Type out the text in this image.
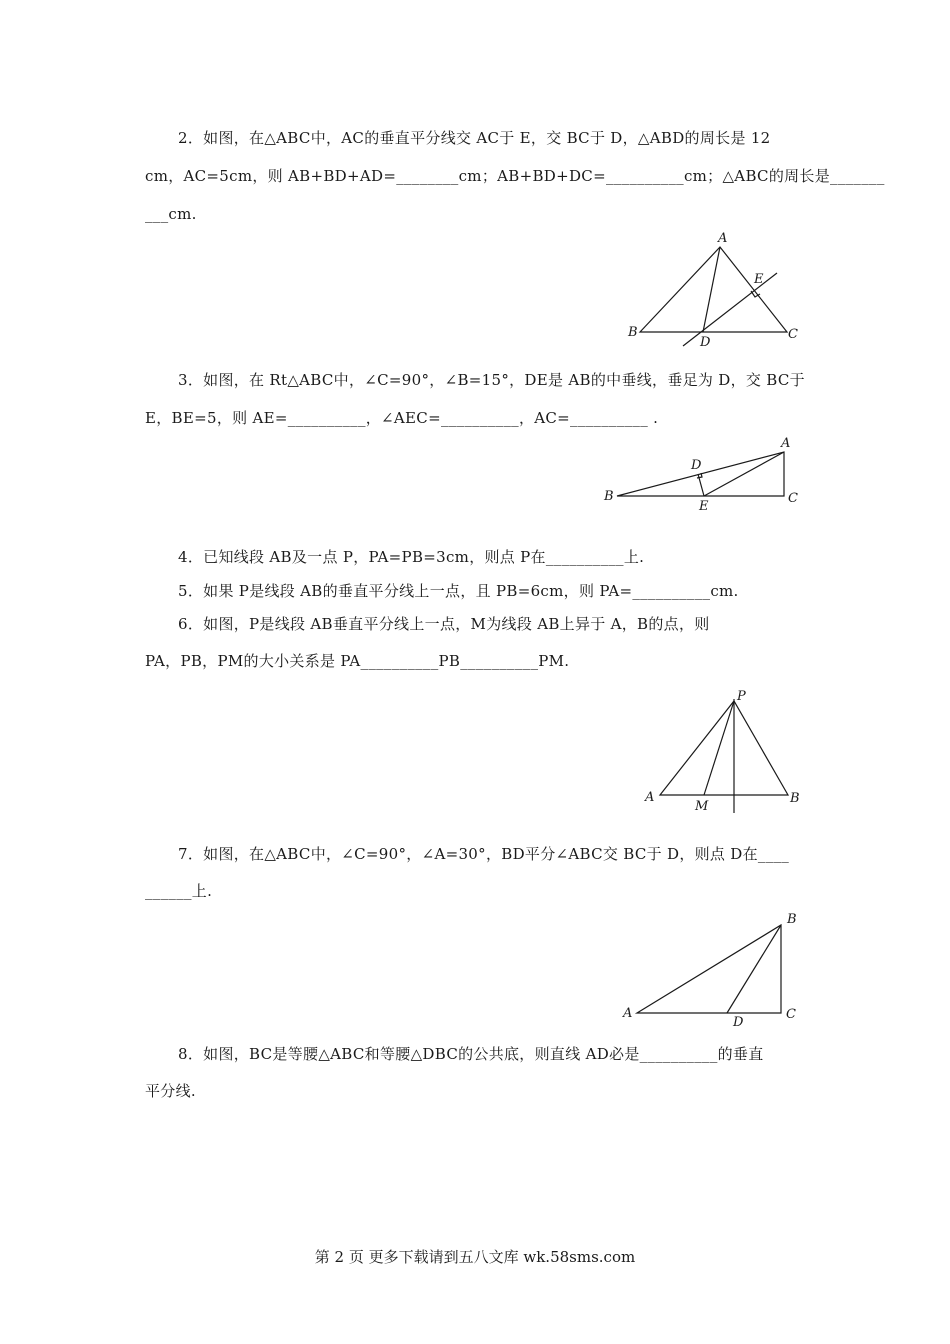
2．如图，在△ABC中，AC的垂直平分线交 AC于 E，交 BC于 D，△ABD的周长是 12
cm，AC=5cm，则 AB+BD+AD=________cm；AB+BD+DC=__________cm；△ABC的周长是_______
___cm.
A
B	C
D
E
3．如图，在 Rt△ABC中，∠C=90°，∠B=15°，DE是 AB的中垂线，垂足为 D，交 BC于
E，BE=5，则 AE=__________，∠AEC=__________，AC=__________ .
A
B	C
D
E
4．已知线段 AB及一点 P，PA=PB=3cm，则点 P在__________上.
5．如果 P是线段 AB的垂直平分线上一点，且 PB=6cm，则 PA=__________cm.
6．如图，P是线段 AB垂直平分线上一点，M为线段 AB上异于 A，B的点，则
PA，PB，PM的大小关系是 PA__________PB__________PM.
P
A	B
M
7．如图，在△ABC中，∠C=90°，∠A=30°，BD平分∠ABC交 BC于 D，则点 D在____
______上.
B
A	C
D
8．如图，BC是等腰△ABC和等腰△DBC的公共底，则直线 AD必是__________的垂直
平分线.
第 2 页 更多下载请到五八文库 wk.58sms.com
